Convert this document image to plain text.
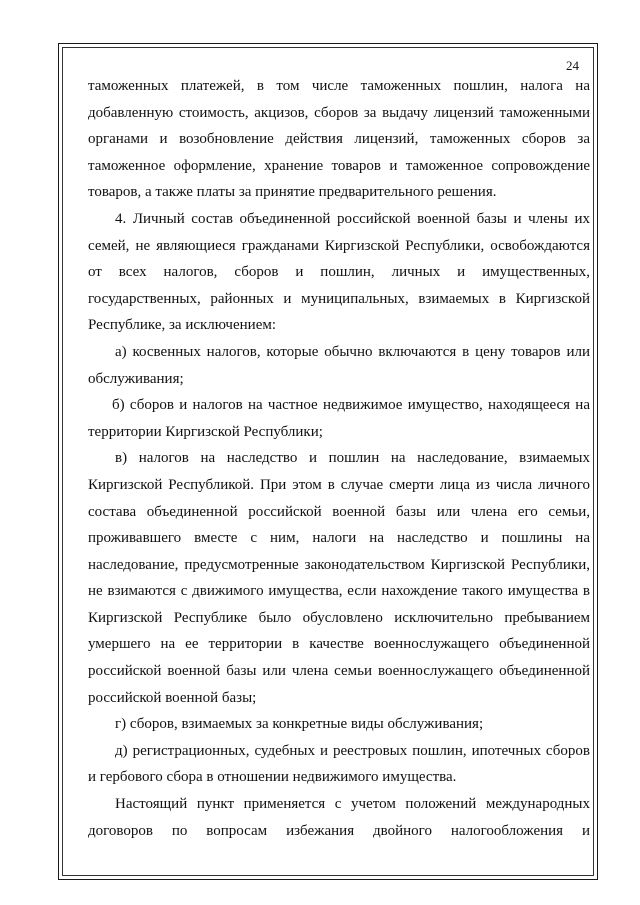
24

таможенных платежей, в том числе таможенных пошлин, налога на добавленную стоимость, акцизов, сборов за выдачу лицензий таможенными органами и возобновление действия лицензий, таможенных сборов за таможенное оформление, хранение товаров и таможенное сопровождение товаров, а также платы за принятие предварительного решения.

4. Личный состав объединенной российской военной базы и члены их семей, не являющиеся гражданами Киргизской Республики, освобождаются от всех налогов, сборов и пошлин, личных и имущественных, государственных, районных и муниципальных, взимаемых в Киргизской Республике, за исключением:

а) косвенных налогов, которые обычно включаются в цену товаров или обслуживания;

б) сборов и налогов на частное недвижимое имущество, находящееся на территории Киргизской Республики;

в) налогов на наследство и пошлин на наследование, взимаемых Киргизской Республикой. При этом в случае смерти лица из числа личного состава объединенной российской военной базы или члена его семьи, проживавшего вместе с ним, налоги на наследство и пошлины на наследование, предусмотренные законодательством Киргизской Республики, не взимаются с движимого имущества, если нахождение такого имущества в Киргизской Республике было обусловлено исключительно пребыванием умершего на ее территории в качестве военнослужащего объединенной российской военной базы или члена семьи военнослужащего объединенной российской военной базы;

г) сборов, взимаемых за конкретные виды обслуживания;

д) регистрационных, судебных и реестровых пошлин, ипотечных сборов и гербового сбора в отношении недвижимого имущества.

Настоящий пункт применяется с учетом положений международных договоров по вопросам избежания двойного налогообложения и
